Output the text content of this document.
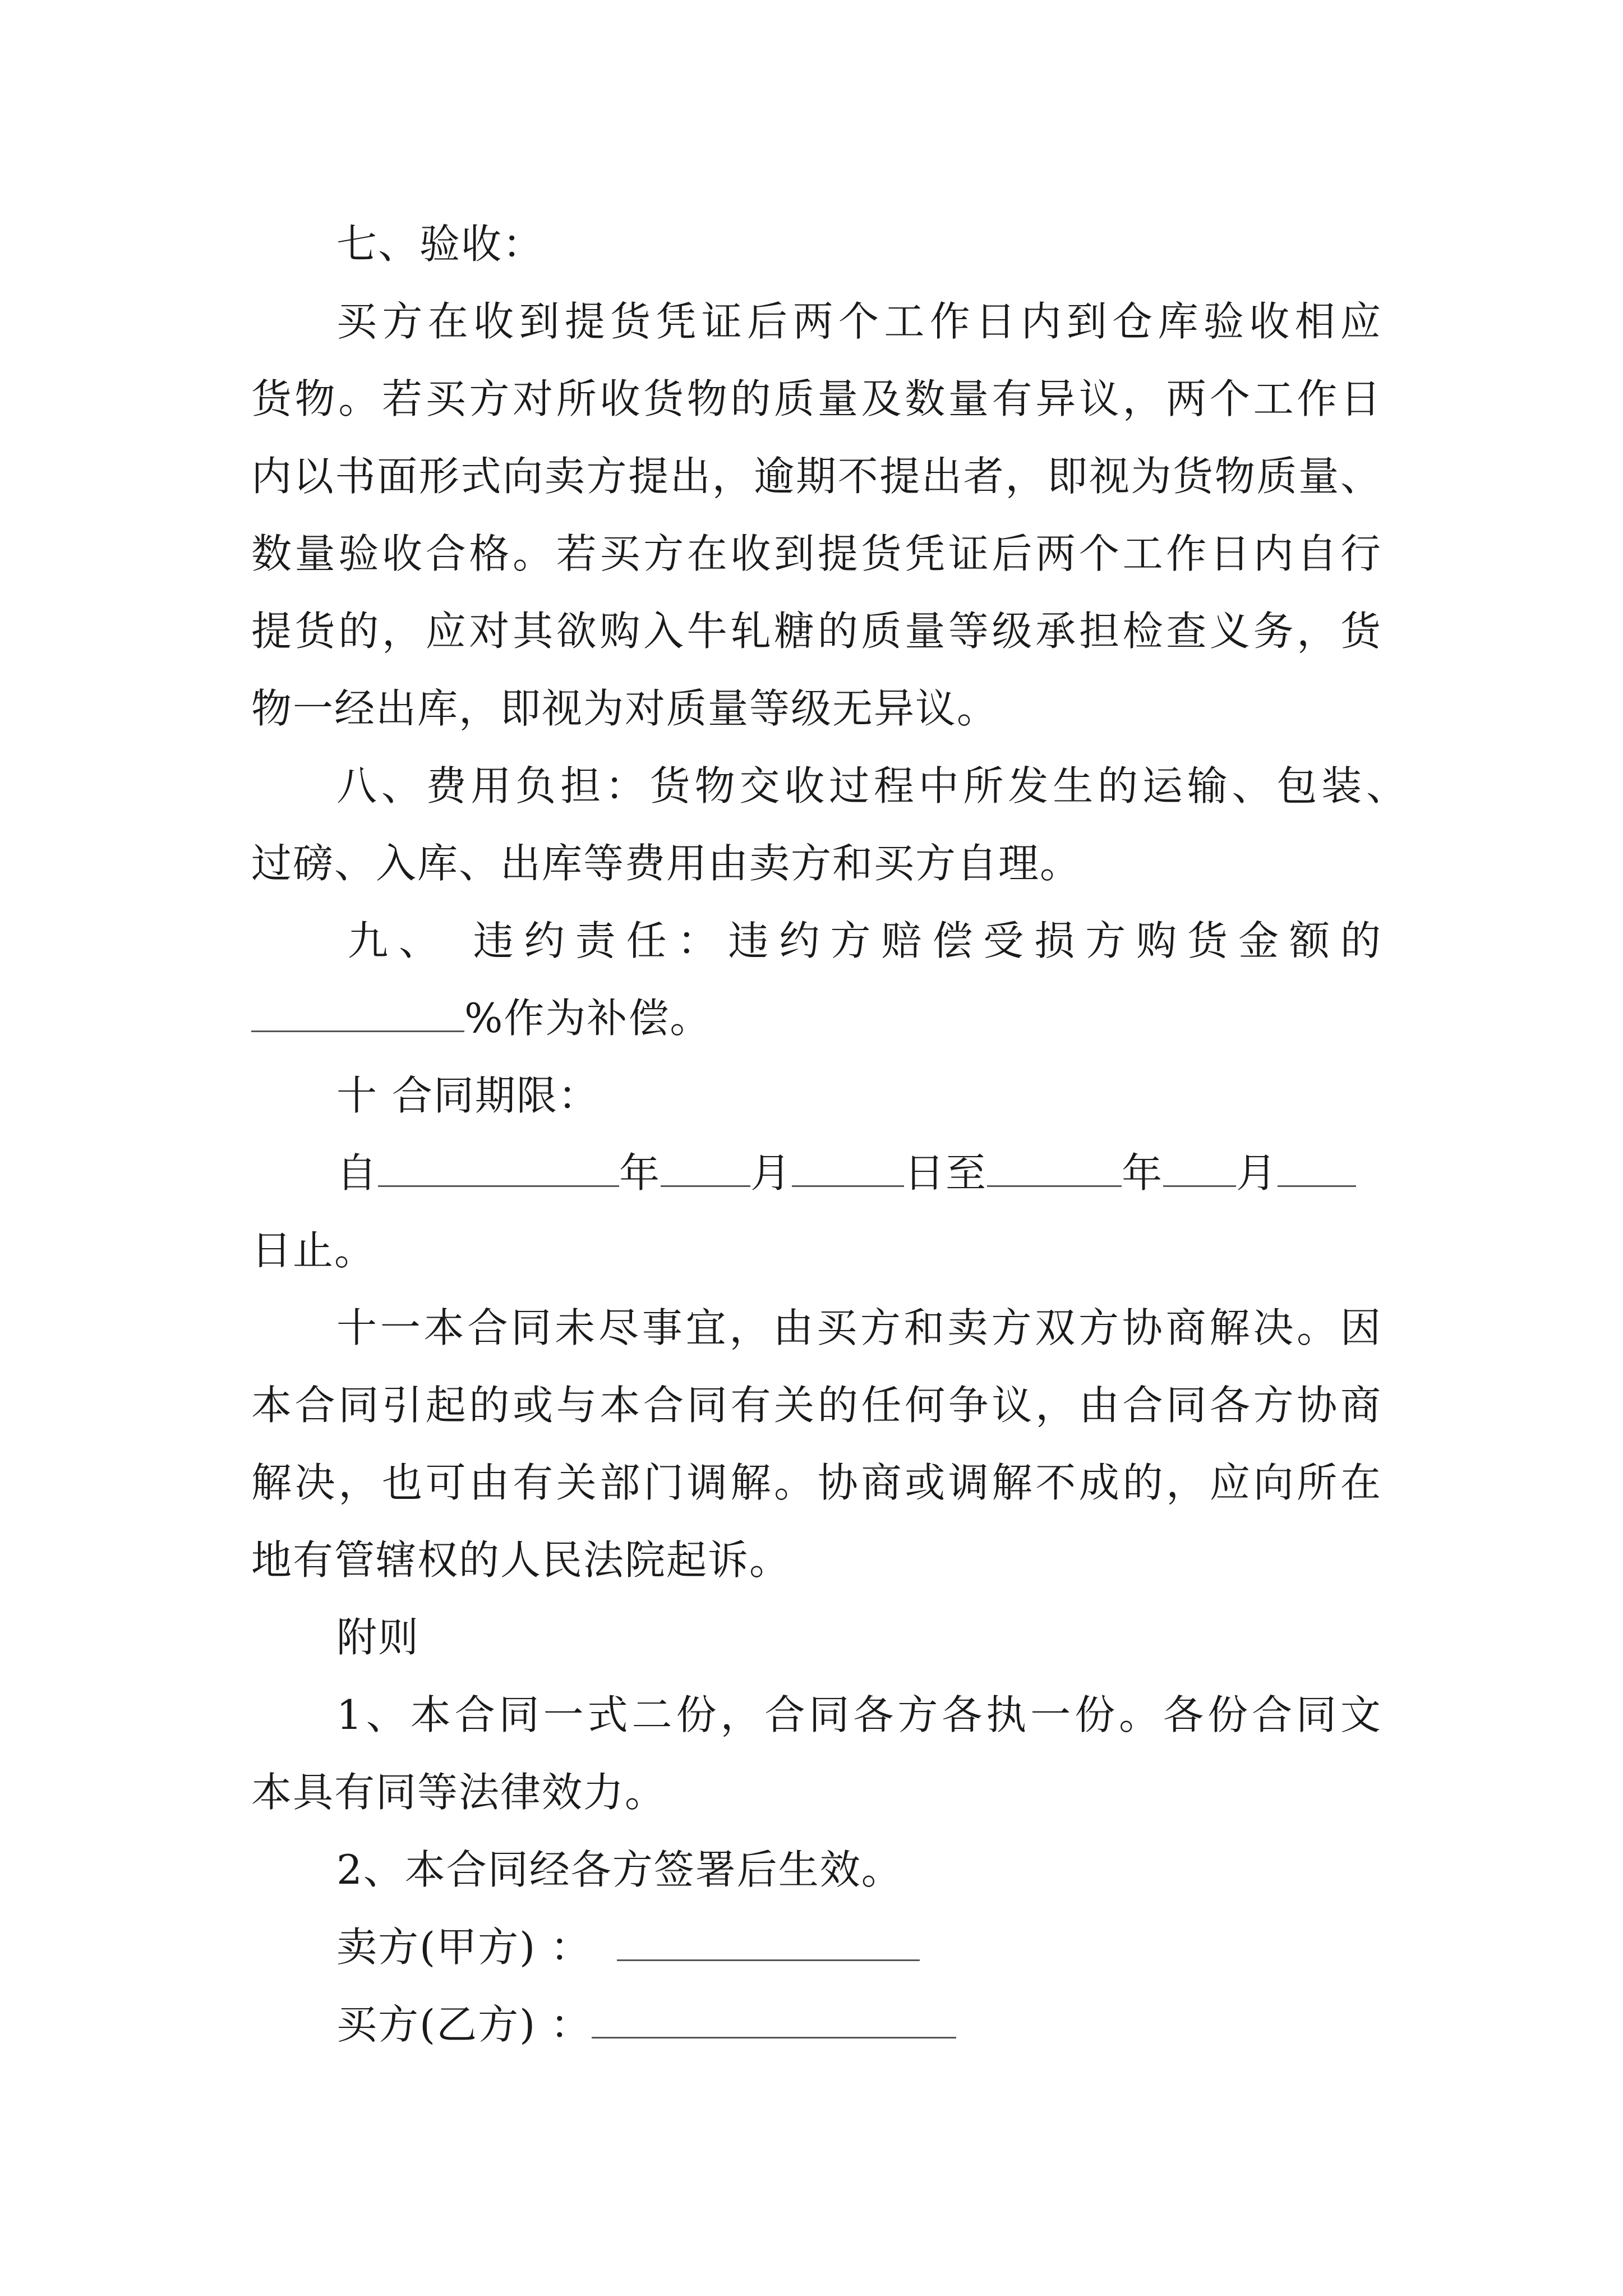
七、验收：
买方在收到提货凭证后两个工作日内到仓库验收相应
货物。若买方对所收货物的质量及数量有异议，两个工作日
内以书面形式向卖方提出，逾期不提出者，即视为货物质量、
数量验收合格。若买方在收到提货凭证后两个工作日内自行
提货的，应对其欲购入牛轧糖的质量等级承担检查义务，货
物一经出库，即视为对质量等级无异议。
八、费用负担：货物交收过程中所发生的运输、包装、
过磅、入库、出库等费用由卖方和买方自理。
九、 违约责任：违约方赔偿受损方购货金额的
%作为补偿。
十 合同期限：
自	年 月	日至	年 月
日止。
十一本合同未尽事宜，由买方和卖方双方协商解决。因
本合同引起的或与本合同有关的任何争议，由合同各方协商
解决，也可由有关部门调解。协商或调解不成的，应向所在
地有管辖权的人民法院起诉。
附则
1、本合同一式二份，合同各方各执一份。各份合同文
本具有同等法律效力。
2、本合同经各方签署后生效。
卖方(甲方) ：
买方(乙方) ：
